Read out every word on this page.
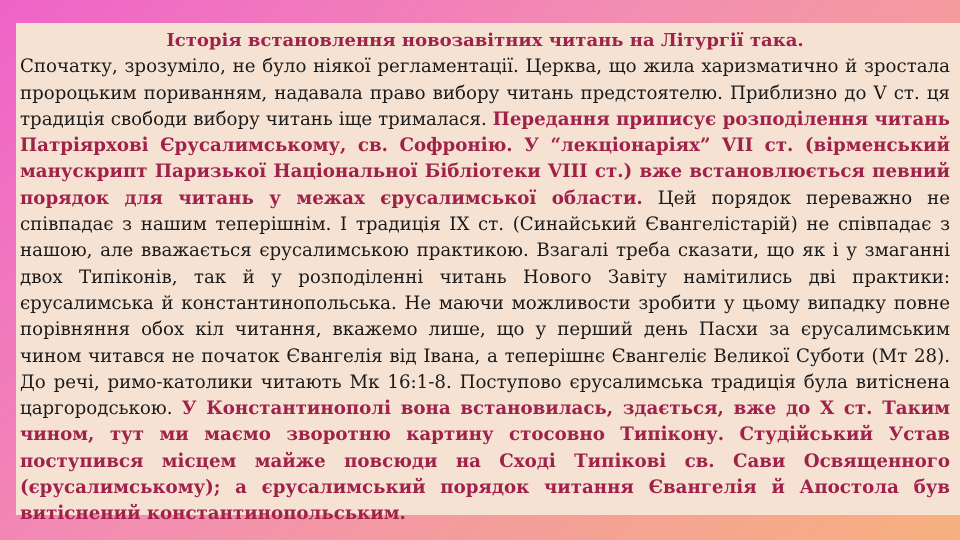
Історія встановлення новозавітних читань на Літургії така.
Спочатку, зрозуміло, не було ніякої регламентації. Церква, що жила харизматично й зростала пророцьким пориванням, надавала право вибору читань предстоятелю. Приблизно до V ст. ця традиція свободи вибору читань іще трималася. Передання приписує розподілення читань Патріярхові Єрусалимському, св. Софронію. У “лекціонаріях” VII ст. (вірменський манускрипт Паризької Національної Бібліотеки VIII ст.) вже встановлюється певний порядок для читань у межах єрусалимської области. Цей порядок переважно не співпадає з нашим теперішнім. І традиція IX ст. (Синайський Євангелістарій) не співпадає з нашою, але вважається єрусалимською практикою. Взагалі треба сказати, що як і у змаганні двох Типіконів, так й у розподіленні читань Нового Завіту намітились дві практики: єрусалимська й константинопольська. Не маючи можливости зробити у цьому випадку повне порівняння обох кіл читання, вкажемо лише, що у перший день Пасхи за єрусалимським чином читався не початок Євангелія від Івана, а теперішнє Євангеліє Великої Суботи (Мт 28). До речі, римо-католики читають Мк 16:1-8. Поступово єрусалимська традиція була витіснена царгородською. У Константинополі вона встановилась, здається, вже до X ст. Таким чином, тут ми маємо зворотню картину стосовно Типікону. Студійський Устав поступився місцем майже повсюди на Сході Типікові св. Сави Освященного (єрусалимському); а єрусалимський порядок читання Євангелія й Апостола був витіснений константинопольським.
